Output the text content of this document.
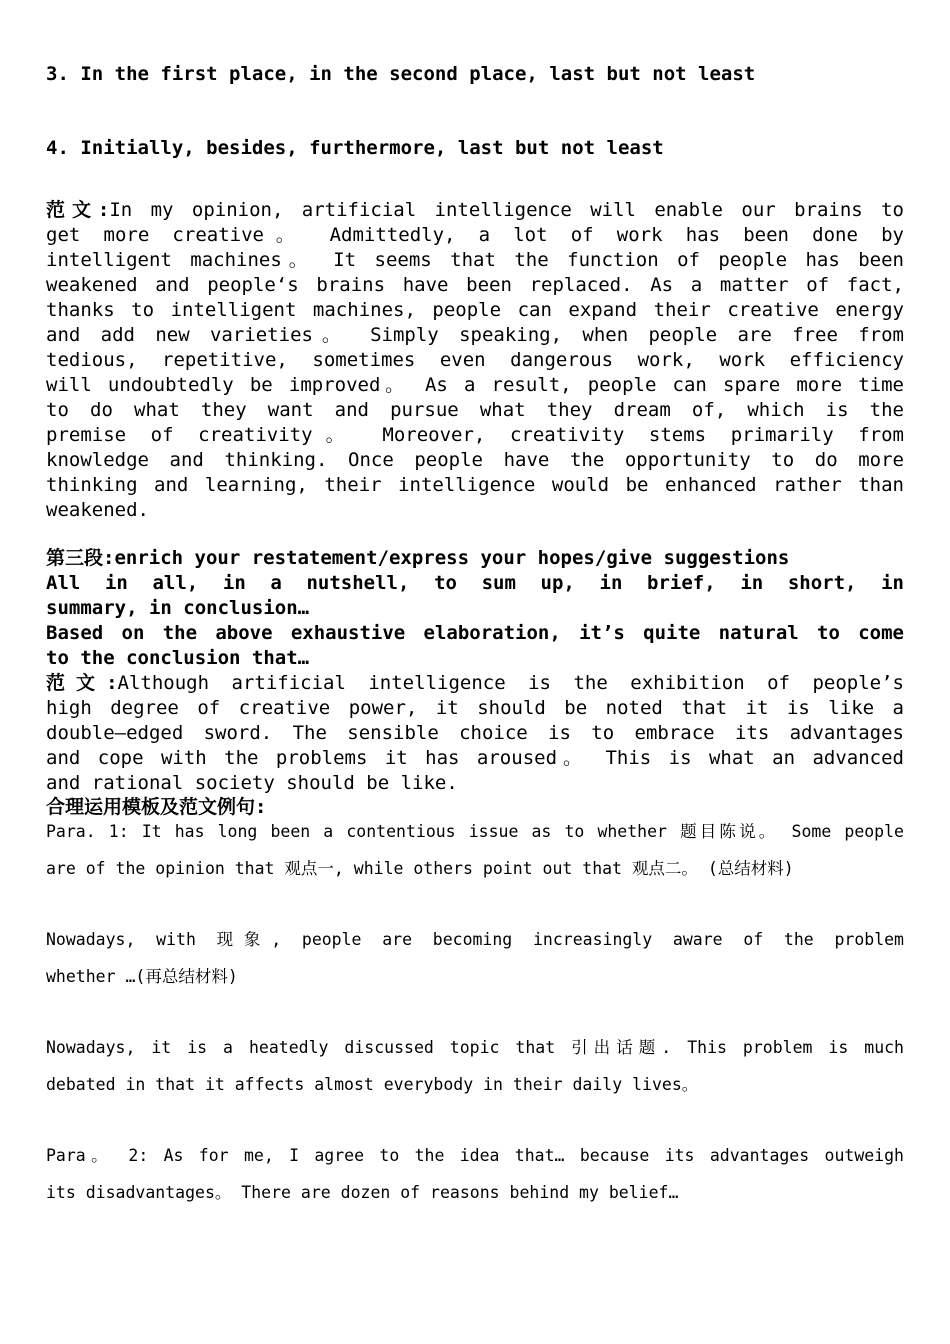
3. In the first place, in the second place, last but not least
4. Initially, besides, furthermore, last but not least
范文:In my opinion, artificial intelligence will enable our brains to
get more creative。 Admittedly, a lot of work has been done by
intelligent machines。 It seems that the function of people has been
weakened and people‘s brains have been replaced. As a matter of fact,
thanks to intelligent machines, people can expand their creative energy
and add new varieties。 Simply speaking, when people are free from
tedious, repetitive, sometimes even dangerous work, work efficiency
will undoubtedly be improved。 As a result, people can spare more time
to do what they want and pursue what they dream of, which is the
premise of creativity。 Moreover, creativity stems primarily from
knowledge and thinking. Once people have the opportunity to do more
thinking and learning, their intelligence would be enhanced rather than
weakened.
第三段:enrich your restatement/express your hopes/give suggestions
All in all, in a nutshell, to sum up, in brief, in short, in
summary, in conclusion…
Based on the above exhaustive elaboration, it’s quite natural to come
to the conclusion that…
范文:Although artificial intelligence is the exhibition of people’s
high degree of creative power, it should be noted that it is like a
double—edged sword. The sensible choice is to embrace its advantages
and cope with the problems it has aroused。 This is what an advanced
and rational society should be like.
合理运用模板及范文例句:
Para. 1: It has long been a contentious issue as to whether 题目陈说。 Some people
are of the opinion that 观点一, while others point out that 观点二。 (总结材料)
Nowadays, with 现象, people are becoming increasingly aware of the problem
whether …(再总结材料)
Nowadays, it is a heatedly discussed topic that 引出话题. This problem is much
debated in that it affects almost everybody in their daily lives。
Para。 2: As for me, I agree to the idea that… because its advantages outweigh
its disadvantages。 There are dozen of reasons behind my belief…
